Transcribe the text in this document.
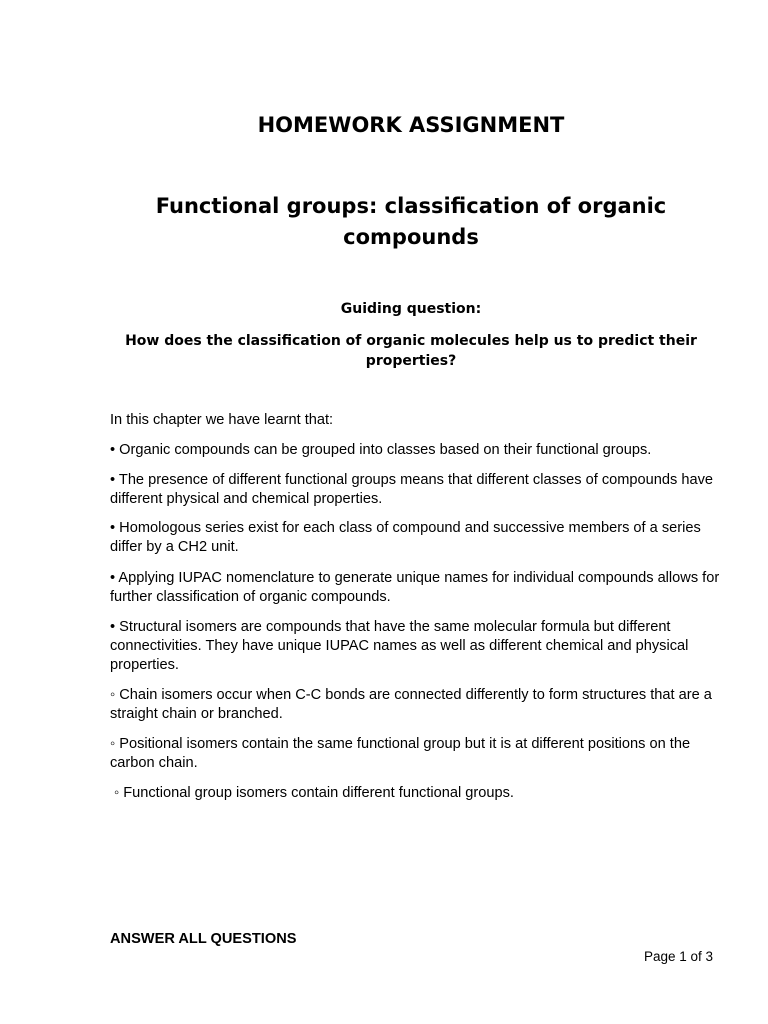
HOMEWORK ASSIGNMENT
Functional groups: classification of organic compounds

Guiding question:

How does the classification of organic molecules help us to predict their properties?

In this chapter we have learnt that:

• Organic compounds can be grouped into classes based on their functional groups.

• The presence of different functional groups means that different classes of compounds have different physical and chemical properties.

• Homologous series exist for each class of compound and successive members of a series differ by a CH2 unit.

• Applying IUPAC nomenclature to generate unique names for individual compounds allows for further classification of organic compounds.

• Structural isomers are compounds that have the same molecular formula but different connectivities. They have unique IUPAC names as well as different chemical and physical properties.

◦ Chain isomers occur when C-C bonds are connected differently to form structures that are a straight chain or branched.

◦ Positional isomers contain the same functional group but it is at different positions on the carbon chain.

◦ Functional group isomers contain different functional groups.

ANSWER ALL QUESTIONS

Page 1 of 3
